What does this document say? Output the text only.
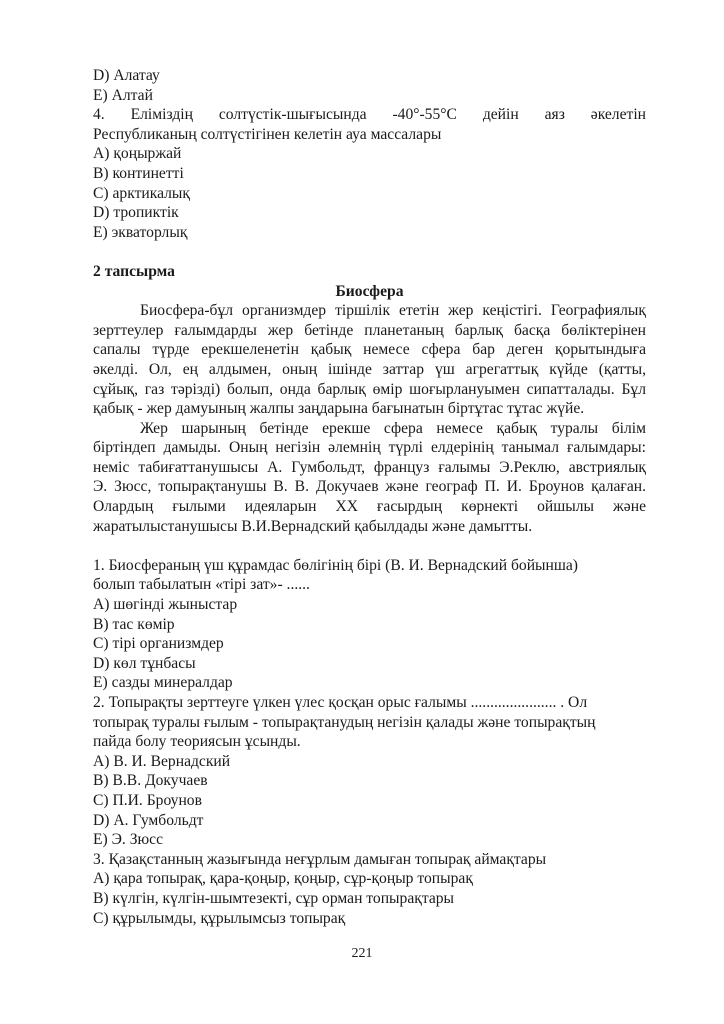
D) Алатау
E) Алтай
4. Еліміздің солтүстік-шығысында -40°-55°C дейін аяз әкелетін
Республиканың солтүстігінен келетін ауа массалары
A) қоңыржай
B) континетті
C) арктикалық
D) тропиктік
E) экваторлық
2 тапсырма
Биосфера
Биосфера-бұл организмдер тіршілік ететін жер кеңістігі. Географиялық
зерттеулер ғалымдарды жер бетінде планетаның барлық басқа бөліктерінен
сапалы түрде ерекшеленетін қабық немесе сфера бар деген қорытындыға
әкелді. Ол, ең алдымен, оның ішінде заттар үш агрегаттық күйде (қатты,
сұйық, газ тәрізді) болып, онда барлық өмір шоғырлануымен сипатталады. Бұл
қабық - жер дамуының жалпы заңдарына бағынатын біртұтас тұтас жүйе.
Жер шарының бетінде ерекше сфера немесе қабық туралы білім
біртіндеп дамыды. Оның негізін әлемнің түрлі елдерінің танымал ғалымдары:
неміс табиғаттанушысы А. Гумбольдт, француз ғалымы Э.Реклю, австриялық
Э. Зюсс, топырақтанушы В. В. Докучаев және географ П. И. Броунов қалаған.
Олардың ғылыми идеяларын XX ғасырдың көрнекті ойшылы және
жаратылыстанушысы В.И.Вернадский қабылдады және дамытты.
1. Биосфераның үш құрамдас бөлігінің бірі (В. И. Вернадский бойынша)
болып табылатын «тірі зат»- ......
A) шөгінді жыныстар
B) тас көмір
C) тірі организмдер
D) көл тұнбасы
E) сазды минералдар
2. Топырақты зерттеуге үлкен үлес қосқан орыс ғалымы ...................... . Ол
топырақ туралы ғылым - топырақтанудың негізін қалады және топырақтың
пайда болу теориясын ұсынды.
A) В. И. Вернадский
B) В.В. Докучаев
C) П.И. Броунов
D) А. Гумбольдт
E) Э. Зюсс
3. Қазақстанның жазығында неғұрлым дамыған топырақ аймақтары
A) қара топырақ, қара-қоңыр, қоңыр, сұр-қоңыр топырақ
B) күлгін, күлгін-шымтезекті, сұр орман топырақтары
C) құрылымды, құрылымсыз топырақ
221
